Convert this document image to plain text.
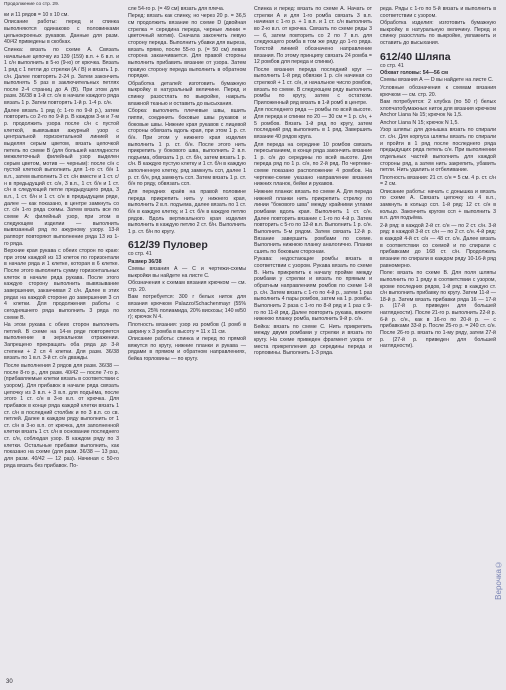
Продолжение со стр. 29.

ки и 11 рядов = 10 х 10 см.

Описание работы: перед и спинка выполняются одинаково с половинками цельнокроеных рукавов. Данные для разм. 40/42 приведены в скобках.

Спинка: вязать по схеме А. Связать начальные цепочку из 139 (159) в.п. + 6 в.п. и 1 с/н выполнить в 5-ю (9-ю) от крючка. Вязать 1 ряд с 1 петли до стрелки (A / B) и вязать 1 р. с/н. Далее повторять 2-24 р. Затем закончить выполнять 5 раз в заключительных петлях после 2-4 страниц до А (В). При этом для разм. 36/38 в 1-й ст. с/н в начале каждого ряда вязать 1 р. Затем повторять 1-й р. 1-4 р. с/н.

Далее вязать 1 ряд (с 1-го по 9-й р.), затем повторить со 2-го по 9-й р. В каждом 3-м и 7-м р. продолжить узора после с/н с пустой клеткой, вывязывая ажурный узор с центральной горизонтальной линией и выделяя серым цветом, вязать цепочкой петель по схеме В (для большей наглядности межклеточный филейный узор выделен серым цветом, мотив — черным): после с/н с пустой клеткой выполнить для 1-го ст. б/н 1 в.п., затем выполнить 3 ст. с/н вместе и 1 ст. с/н в предыдущий ст. с/н, 3 в.п., 1 ст. б/н и 1 ст. с/н в следующей петле предыдущего ряда, 3 в.п., 1 ст. б/н и 1 ст. с/н в предыдущем ряде, далее — как показано, в центре замкнуть со ст. с/н 1-го ряда схемы. Затем вязать все по схеме A: филейный узор, при этом в следующем изделии — выполнить вывязанный ряд по ажурному узору. 13-й раппорт повторяют выполнение ряда 13 из 1-го ряда.

Верхние края рукава с обеих сторон по краю: при этом каждой из 13 клеток по горизонтали в начале ряда и 1 клетке, которая в 6 клетке. После этого выполнить сумму горизонтальных клеток в начале ряда рукава. После этого каждую сторону выполнить вывязывание завершения, заканчивая 2 с/н. Далее в этих рядах на каждой стороне до завершения 3 сл 4 клетки. Для продолжения работы с сегодняшнего ряда выполнить 3 ряда по схеме В.

На этом рукава с обеих сторон выполнить петлей. В схеме на 14-м ряде повторяется выполнение в зеркальном отражении. Запрещено прекращать оба ряда до 3-й степени + 2 сл 4 клетки. Для разм. 36/38 вязать по 1 в.п. 3-й ст. с/н дважды.

После выполнения 2 рядов для разм. 36/38 — после 8-го р., для разм. 40/42 — после 7-го р. (прибавляемые клетки вязать в соответствии с узором). Для прибавок в начале ряда связать цепочку из 3 в.п. + 3 в.п. для подъёма, после этого 1 ст. с/н в 3-ю в.п. от крючка. Для прибавок в конце ряда каждой клетки вязать 1 ст. с/н в последний столбик и по 3 в.п. со св. петлей. Далее в каждом ряду выполнить от 1 ст. с/н в 3-ю в.п. от крючка, для заполненной клетки вязать 1 ст. с/н в основание последнего ст. с/н, соблюдая узор. В каждом ряду по 3 клетки. Остальные прибавки выполнить, как показано на схеме (для разм. 36/38 — 13 раз, для разм. 40/42 — 12 раз). Начиная с 50-го ряда вязать без прибавок. По-

сле 54-го р. (= 49 см) вязать для плеча.

Перед: вязать как спинку, но через 20 р. = 36,5 см продолжить вязание по схеме D (двойная стрелка = середина переда, черные линии = цветочный мотив). Сначала закончить левую сторону переда. Выполнить убавки для выреза, вязать прямо, после 55-го р. (= 50 см) левая сторона заканчивается. Для правой стороны выполнить прибавить вязание от узора. Затем правую сторону переда выполнить в обратном порядке.

Обработка деталей: изготовить бумажную выкройку в натуральный величине. Перед и спинку разостлать по выкройке, накрыть влажной тканью и оставить до высыхания.

Сборка: выполнить плечевые швы, вшить пиппи, соединить боковые швы рукавов и боковые швы. Нижние края рукавов с лицевой стороны обвязать вдоль края, при этом 1 р. ст. б/н. При этом у нижнего края изделия выполнить 1 р. ст. б/н. После этого нить прикрепить у бокового шва, выполнить 2 в.п. подъема, обвязать 1 р. ст. б/н, затем вязать 1 р. с/н. В каждую пустую клетку и 1 ст. б/н в каждую заполненную клетку, ряд замкнуть ссп, далее 1 р. ст. б/н, ряд замкнуть ссп. Затем вязать 1 р. ст. б/н по ряду, обвязать ссп.

Для передних краёв на правой половине переда прикрепить нить у нижнего края, выполнить 2 в.п. подъема, далее вязать по 1 ст. б/н в каждую клетку, и 1 ст. б/н в каждую петлю рядов. Вдоль вертикального края изделия выполнить в каждую петлю 2 ст. б/н. Выполнить 1 р. ст. б/н по кругу.

612/39 Пуловер

со стр. 41

Размер 36/38

Схемы вязания A — C и чертежи-схемы выкройки вы найдете на листе С.

Обозначения к схемам вязания крючком — см. стр. 20.

Вам потребуется: 300 г белых ниток для вязания крючком Palazzo/Schachenmayr (55% хлопка, 25% полиамида, 20% вискозы; 140 м/50 г); крючок N 4.

Плотность вязания: узор из ромбов (1 ромб в ширину х 3 ромба в высоту = 11 х 11 см.

Описание работы: спинка и перед по прямой вяжутся по кругу, нижние планки и рукава — рядами в прямом и обратном направлениях, бейка горловины — по кругу.

Спинка и перед: вязать по схеме А. Начать от стрелки А и для 1-го ромба связать 3 в.п. начиная с 1-го р. + 1 в.п. и 1 ст. с/н выполнить во 2-ю в.п. от крючка. Связать по схеме ряды 3 — 6, затем повторить со 2 по 7 в.п. для следующего ромба в том же ряду до 1-го ряда. Толстой линией обозначено направление вязания. По этому принципу связать 24 ромба = 12 ромбов для переда и спинки).

После вязания переда последний круг — выполнить 1-й ряд обвязки 1 р. с/н начиная со стрелкой + 1 ст. с/н, и начальное число ромбов, вязать по схеме. В следующем ряду выполнить ромбы по кругу, затем с остатком. Приложенный ряд вязать в 1-й ромб в центре.

Для последнего ряда — ромбы по всей высоте. Для переда и спинки по 20 — 30 см = 1 р. с/н, + 5 ромбов. Вязать 1-й ряд по кругу, затем последний ряд выполнить в 1 ряд. Завершить вязание 40 рядов круга.

Для переда на середине 10 ромбов связать пересыпанием, в конце ряда закончить вязание 1 р. с/н до середины по всей высоте. Для переда ряд по 1 р. с/н, по 2-й ряд. По чертеже-схеме показано расположение 4 ромбов. На чертеже-схеме указано направление вязания нижних планок, бейки и рукавов.

Нижние планки: вязать по схеме А. Для переда нижней планки нить прикрепить стрелку по линии "бокового шва" между крайними углами ромбами вдоль края. Выполнить 1 ст. с/н. Далее повторить вязание с 1-го по 4-й р. Затем повторить с 5-го по 12-й в.п. Выполнить 1 р. с/н. Выполнить 5-м рядом. Затем связать 12-й р. Вязание завершить ромбами по схеме. Выполнить нижнюю планку аналогично. Планки сшить по боковым сторонам.

Рукава: недостающие ромбы вязать в соответствии с узором. Рукава вязать по схеме В. Нить прикрепить к началу пройме между ромбами у стрелки и вязать по прямым и обратным направлениям ромбов по схеме 1-й р. с/н. Затем вязать с 1-го по 4-й р., затем 1 раз выполнить 4 пары ромбов, затем на 1 р. ромбы. Выполнить 2 раза с 1-го по 8-й ряд и 1 раз с 9-го по 11-й ряд. Далее повторить рукава, вяжите нижнюю планку ромба, выполнить 9-й р. с/н.

Бейка: вязать по схеме С. Нить прикрепить между двумя ромбами у стрелки и вязать по кругу. На схеме приведен фрагмент узора от места прикрепления до середины переда и горловины. Выполнить 1-3 ряда.

реда. Ряды с 1-го по 5-й вязать и выполнить в соответствии с узором.

Обработка изделия: изготовить бумажную выкройку в натуральную величину. Перед и спинку разостлать по выкройке, увлажнить и оставить до высыхания.

612/40 Шляпа

со стр. 41

Обхват головы: 54—56 см

Схемы вязания А — D вы найдете на листе С.

Условные обозначения к схемам вязания крючком — см. стр. 20.

Вам потребуется: 2 клубка (по 50 г) белых хлопчатобумажных ниток для вязания крючком Anchor Liana № 15; крючок № 1,5.

Anchor Liana N 15; крючок N 1,5.

Узор шляпы: для донышка вязать по спирали ст. с/н. Для корпуса шляпы вязать по спирали и пройти в 1 ряд после последнего ряда предыдущих ряда петель с/н. При выполнении отдельных частей выполнить для каждой стороны ряд, а затем нить закрепить, убавить петли. Нить удалить и отбеливание.

Плотность вязания: 21 ст. с/н = 5 см. 4 р. ст. с/н = 2 см.

Описание работы: начать с донышка и вязать по схеме А. Связать цепочку из 4 в.п., замкнуть в кольцо ссп. 1-й ряд: 12 ст. с/н в кольцо. Закончить кругом ссп + выполнить 3 в.п. для подъёма.

2-й ряд: в каждой 2-й ст. с/н — по 2 ст. с/н. 3-й ряд: в каждой 3-й ст. с/н — по 2 ст. с/н. 4-й ряд: в каждой 4-й ст. с/н — 48 ст. с/н. Далее вязать в соответствии со схемой и по спирали с прибавками до 168 ст. с/н. Продолжать вязание по спирали в каждом ряду 10-16-й ряд равномерно.

Поле: вязать по схеме В. Для поля шляпы выполнить по 1 ряду в соответствии с узором, кроме последних рядов, 1-й ряд: в каждую ст. с/н выполнить прибавку по кругу. Затем 11-й — 18-й р. Затем вязать прибавки ряда 16 — 17-й р. (17-й р. приведен для большей наглядности). После 21-го р. выполнить 22-й р. 6-й р. с/н., как в 16-го по 20-й р. — с прибавками 33-й р. После 25-го р. = 240 ст. с/н. После 26-го р. вязать по 1-му ряду, затем 27-й р. (27-й р. приведен для большей наглядности).

30
Верочка©
